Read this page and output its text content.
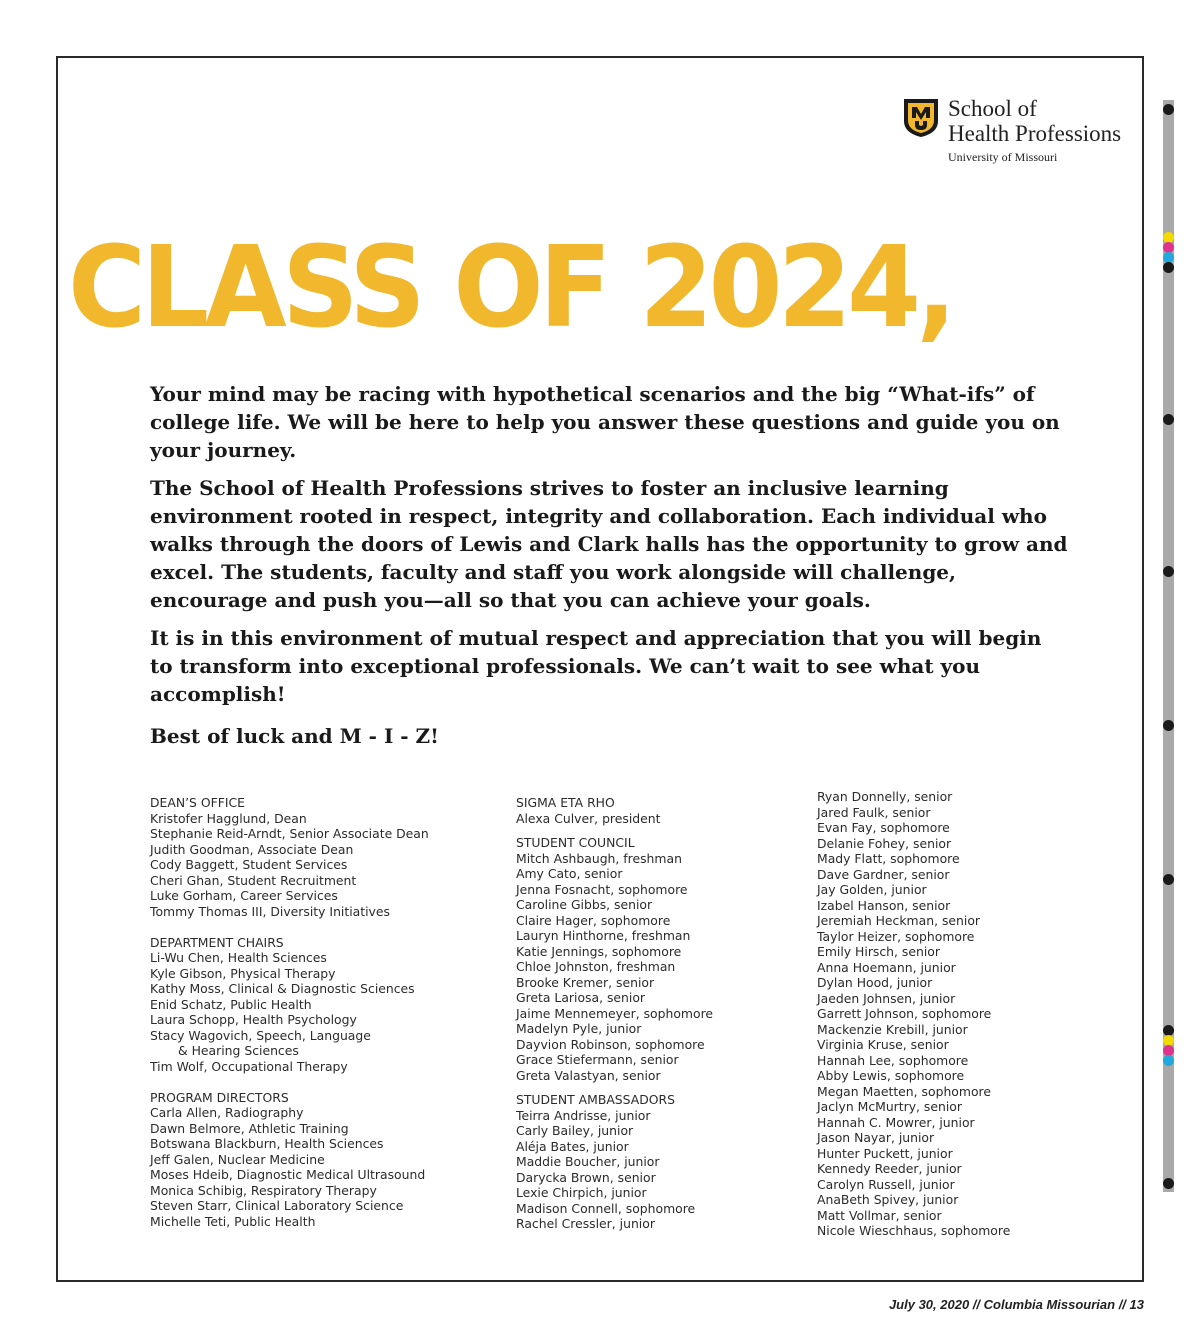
School of
Health Professions
University of Missouri
CLASS OF 2024,

Your mind may be racing with hypothetical scenarios and the big “What-ifs” of college life. We will be here to help you answer these questions and guide you on your journey.

The School of Health Professions strives to foster an inclusive learning environment rooted in respect, integrity and collaboration. Each individual who walks through the doors of Lewis and Clark halls has the opportunity to grow and excel. The students, faculty and staff you work alongside will challenge, encourage and push you—all so that you can achieve your goals.

It is in this environment of mutual respect and appreciation that you will begin to transform into exceptional professionals. We can’t wait to see what you accomplish!

Best of luck and M - I - Z!

DEAN’S OFFICE
Kristofer Hagglund, Dean
Stephanie Reid-Arndt, Senior Associate Dean
Judith Goodman, Associate Dean
Cody Baggett, Student Services
Cheri Ghan, Student Recruitment
Luke Gorham, Career Services
Tommy Thomas III, Diversity Initiatives
DEPARTMENT CHAIRS
Li-Wu Chen, Health Sciences
Kyle Gibson, Physical Therapy
Kathy Moss, Clinical & Diagnostic Sciences
Enid Schatz, Public Health
Laura Schopp, Health Psychology
Stacy Wagovich, Speech, Language
& Hearing Sciences
Tim Wolf, Occupational Therapy
PROGRAM DIRECTORS
Carla Allen, Radiography
Dawn Belmore, Athletic Training
Botswana Blackburn, Health Sciences
Jeff Galen, Nuclear Medicine
Moses Hdeib, Diagnostic Medical Ultrasound
Monica Schibig, Respiratory Therapy
Steven Starr, Clinical Laboratory Science
Michelle Teti, Public Health
SIGMA ETA RHO
Alexa Culver, president
STUDENT COUNCIL
Mitch Ashbaugh, freshman
Amy Cato, senior
Jenna Fosnacht, sophomore
Caroline Gibbs, senior
Claire Hager, sophomore
Lauryn Hinthorne, freshman
Katie Jennings, sophomore
Chloe Johnston, freshman
Brooke Kremer, senior
Greta Lariosa, senior
Jaime Mennemeyer, sophomore
Madelyn Pyle, junior
Dayvion Robinson, sophomore
Grace Stiefermann, senior
Greta Valastyan, senior
STUDENT AMBASSADORS
Teirra Andrisse, junior
Carly Bailey, junior
Aléja Bates, junior
Maddie Boucher, junior
Darycka Brown, senior
Lexie Chirpich, junior
Madison Connell, sophomore
Rachel Cressler, junior
Ryan Donnelly, senior
Jared Faulk, senior
Evan Fay, sophomore
Delanie Fohey, senior
Mady Flatt, sophomore
Dave Gardner, senior
Jay Golden, junior
Izabel Hanson, senior
Jeremiah Heckman, senior
Taylor Heizer, sophomore
Emily Hirsch, senior
Anna Hoemann, junior
Dylan Hood, junior
Jaeden Johnsen, junior
Garrett Johnson, sophomore
Mackenzie Krebill, junior
Virginia Kruse, senior
Hannah Lee, sophomore
Abby Lewis, sophomore
Megan Maetten, sophomore
Jaclyn McMurtry, senior
Hannah C. Mowrer, junior
Jason Nayar, junior
Hunter Puckett, junior
Kennedy Reeder, junior
Carolyn Russell, junior
AnaBeth Spivey, junior
Matt Vollmar, senior
Nicole Wieschhaus, sophomore
July 30, 2020 // Columbia Missourian // 13
